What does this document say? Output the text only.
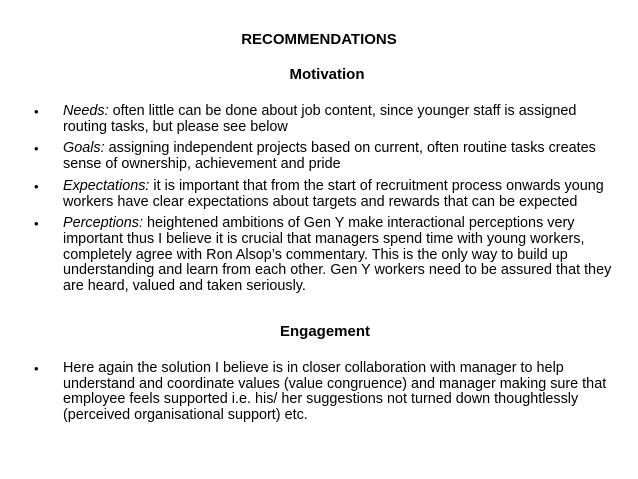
RECOMMENDATIONS
Motivation
• Needs: often little can be done about job content, since younger staff is assigned routing tasks, but please see below
• Goals: assigning independent projects based on current, often routine tasks creates sense of ownership, achievement and pride
• Expectations: it is important that from the start of recruitment process onwards young workers have clear expectations about targets and rewards that can be expected
• Perceptions: heightened ambitions of Gen Y make interactional perceptions very important thus I believe it is crucial that managers spend time with young workers, completely agree with Ron Alsop’s commentary. This is the only way to build up understanding and learn from each other. Gen Y workers need to be assured that they are heard, valued and taken seriously.
Engagement
• Here again the solution I believe is in closer collaboration with manager to help understand and coordinate values (value congruence) and manager making sure that employee feels supported i.e. his/ her suggestions not turned down thoughtlessly (perceived organisational support) etc.
